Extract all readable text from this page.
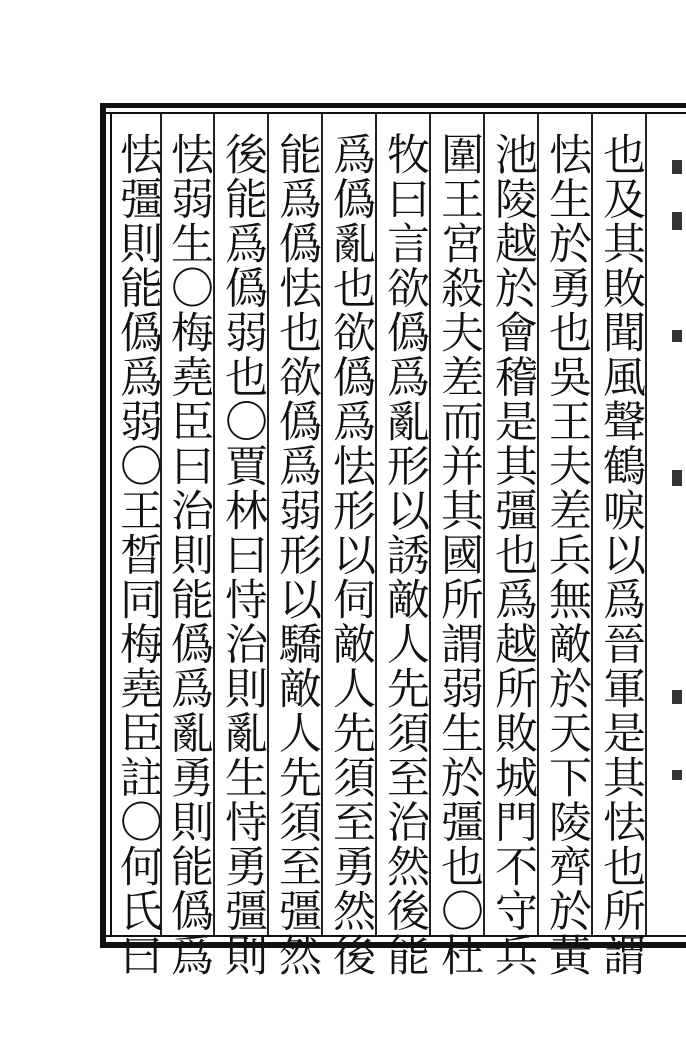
也及其敗聞風聲鶴唳以爲晉軍是其怯也所謂
怯生於勇也吳王夫差兵無敵於天下陵齊於黃
池陵越於會稽是其彊也爲越所敗城門不守兵
圍王宮殺夫差而并其國所謂弱生於彊也〇杜
牧曰言欲僞爲亂形以誘敵人先須至治然後能
爲僞亂也欲僞爲怯形以伺敵人先須至勇然後
能爲僞怯也欲僞爲弱形以驕敵人先須至彊然
後能爲僞弱也〇賈林曰恃治則亂生恃勇彊則
怯弱生〇梅堯臣曰治則能僞爲亂勇則能僞爲
怯彊則能僞爲弱〇王晳同梅堯臣註〇何氏曰
